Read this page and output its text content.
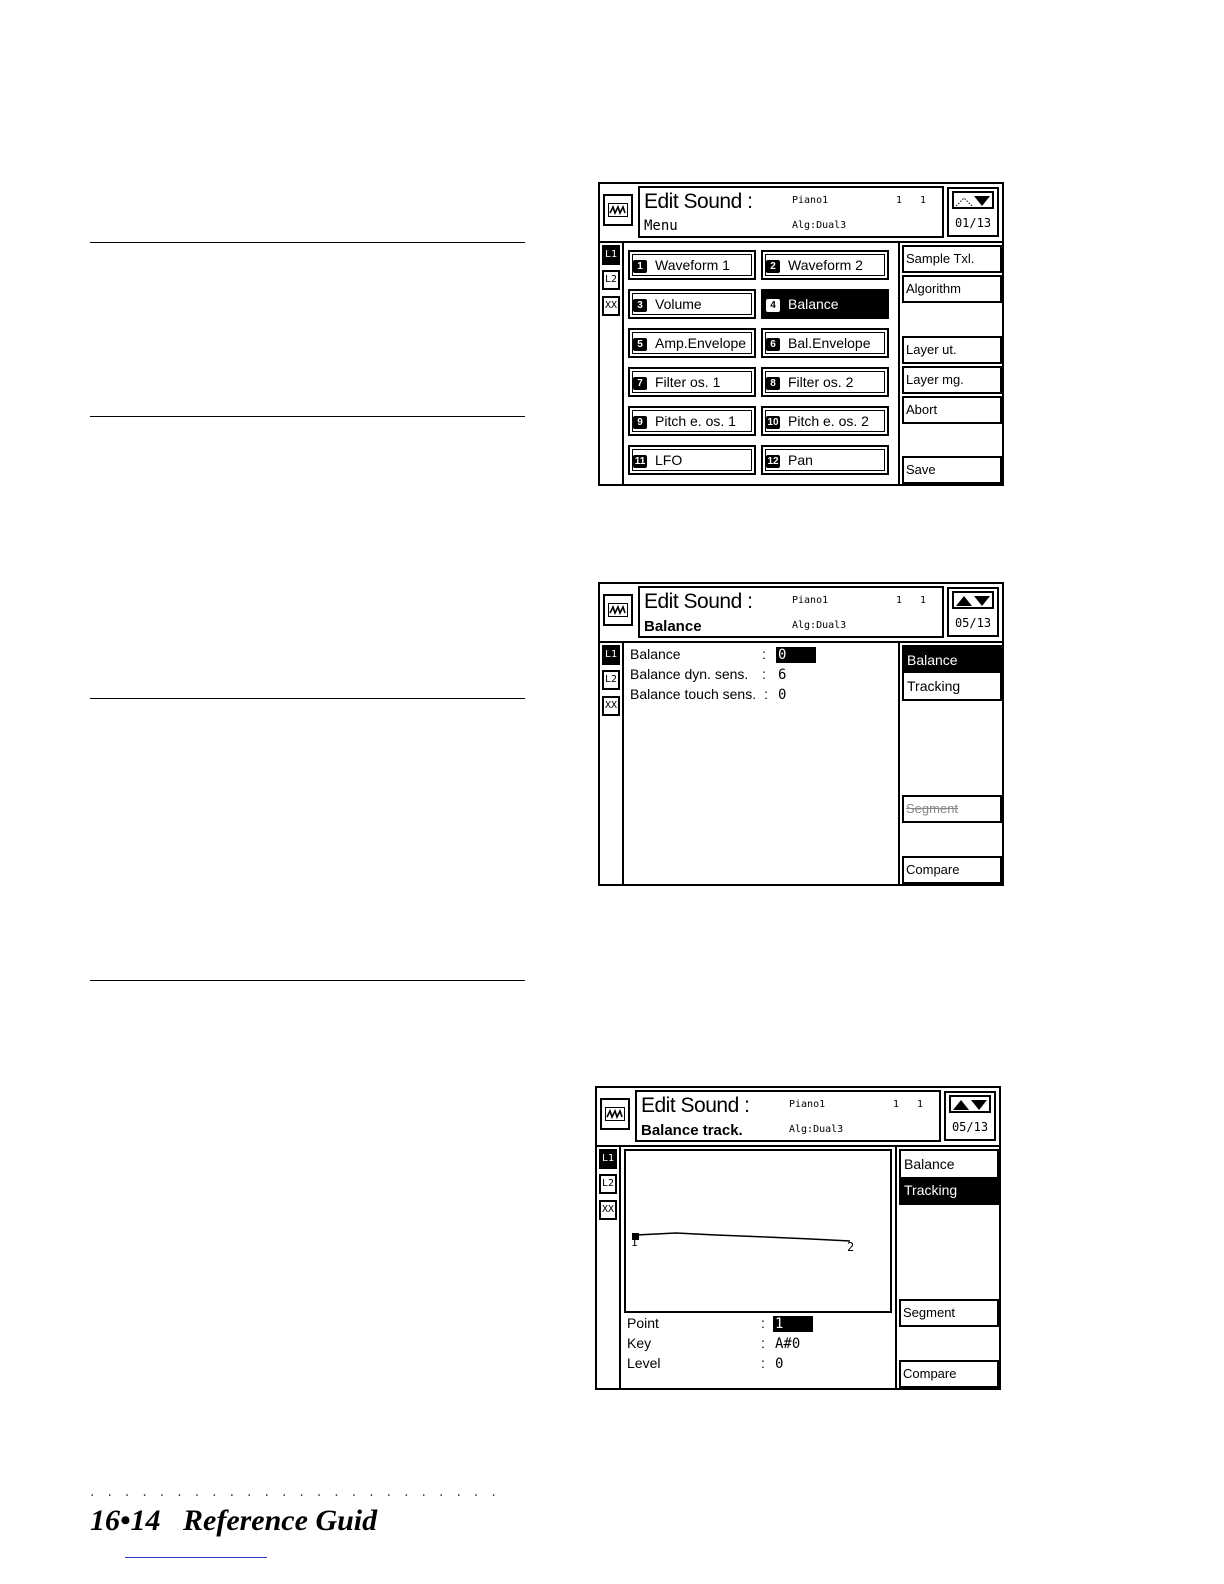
Edit Sound :
Menu
Piano1	1 1
Alg:Dual3	01/13
L1
L2
XX
1 Waveform 1	2 Waveform 2
3 Volume	4 Balance
5 Amp.Envelope	6 Bal.Envelope
7 Filter os. 1	8 Filter os. 2
9 Pitch e. os. 1	10 Pitch e. os. 2
11 LFO	12 Pan
Sample Txl.
Algorithm
Layer ut.
Layer mg.
Abort
Save
Edit Sound :
Balance
Piano1	1 1
Alg:Dual3	05/13
L1
L2
XX
Balance	: 0
Balance dyn. sens. : 6
Balance touch sens. : 0
Balance
Tracking
Segment
Compare
Edit Sound :
Balance track.
Piano1	1 1
Alg:Dual3	05/13
L1
L2
XX
1	2
Point	: 1
Key	: A#0
Level	: 0
Balance
Tracking
Segment
Compare
························
16•14   Reference Guid
